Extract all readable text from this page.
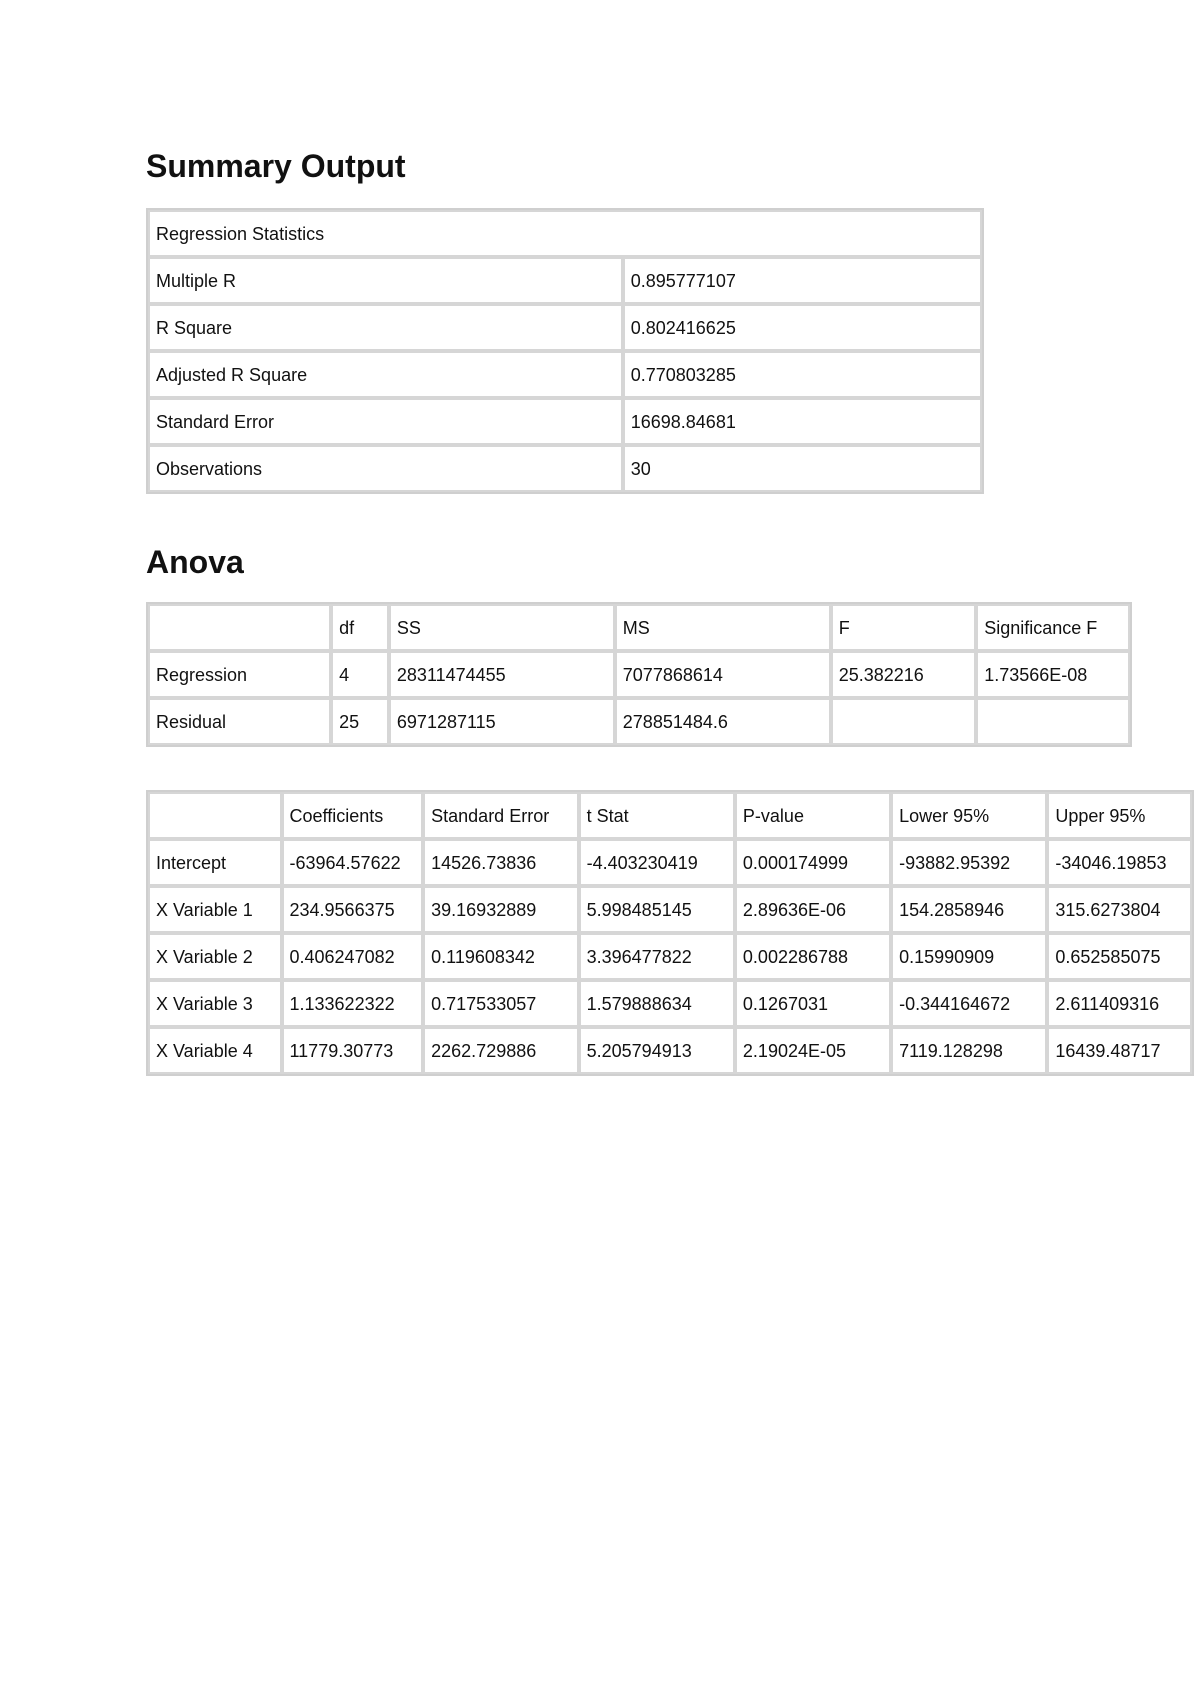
Summary Output
Regression Statistics	
Multiple R	0.895777107
R Square	0.802416625
Adjusted R Square	0.770803285
Standard Error	16698.84681
Observations	30
Anova
	df	SS	MS	F	Significance F
Regression	4	28311474455	7077868614	25.382216	1.73566E-08
Residual	25	6971287115	278851484.6		
	Coefficients	Standard Error	t Stat	P-value	Lower 95%	Upper 95%
Intercept	-63964.57622	14526.73836	-4.403230419	0.000174999	-93882.95392	-34046.19853
X Variable 1	234.9566375	39.16932889	5.998485145	2.89636E-06	154.2858946	315.6273804
X Variable 2	0.406247082	0.119608342	3.396477822	0.002286788	0.15990909	0.652585075
X Variable 3	1.133622322	0.717533057	1.579888634	0.1267031	-0.344164672	2.611409316
X Variable 4	11779.30773	2262.729886	5.205794913	2.19024E-05	7119.128298	16439.48717
